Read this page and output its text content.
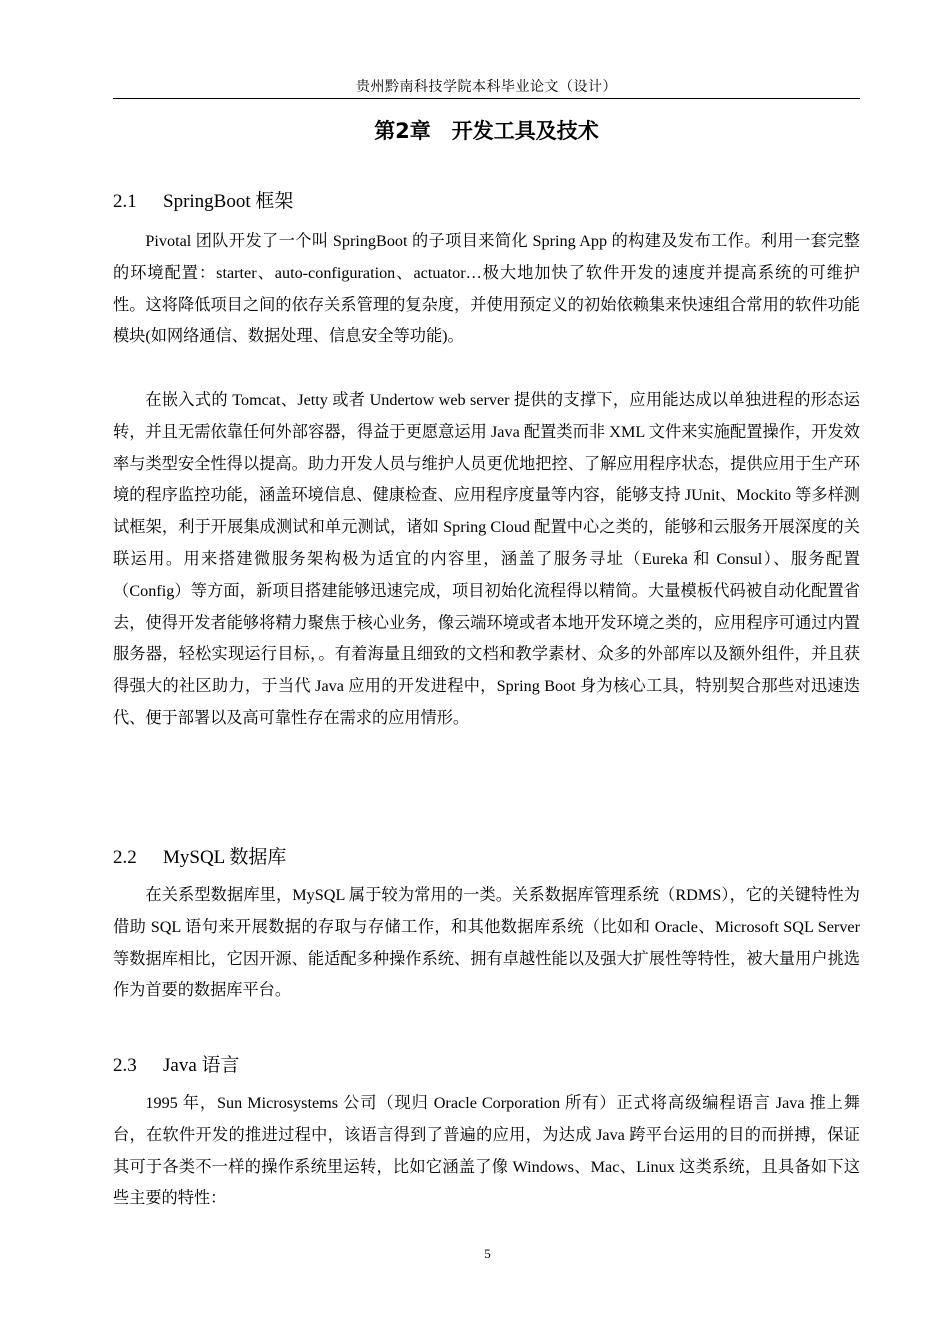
贵州黔南科技学院本科毕业论文（设计）
第2章　开发工具及技术
2.1 SpringBoot 框架

Pivotal 团队开发了一个叫 SpringBoot 的子项目来简化 Spring App 的构建及发布工作。利用一套完整的环境配置：starter、auto-configuration、actuator…极大地加快了软件开发的速度并提高系统的可维护性。这将降低项目之间的依存关系管理的复杂度，并使用预定义的初始依赖集来快速组合常用的软件功能模块(如网络通信、数据处理、信息安全等功能)。

在嵌入式的 Tomcat、Jetty 或者 Undertow web server 提供的支撑下，应用能达成以单独进程的形态运转，并且无需依靠任何外部容器，得益于更愿意运用 Java 配置类而非 XML 文件来实施配置操作，开发效率与类型安全性得以提高。助力开发人员与维护人员更优地把控、了解应用程序状态，提供应用于生产环境的程序监控功能，涵盖环境信息、健康检查、应用程序度量等内容，能够支持 JUnit、Mockito 等多样测试框架，利于开展集成测试和单元测试，诸如 Spring Cloud 配置中心之类的，能够和云服务开展深度的关联运用。用来搭建微服务架构极为适宜的内容里，涵盖了服务寻址（Eureka 和 Consul）、服务配置（Config）等方面，新项目搭建能够迅速完成，项目初始化流程得以精简。大量模板代码被自动化配置省去，使得开发者能够将精力聚焦于核心业务，像云端环境或者本地开发环境之类的，应用程序可通过内置服务器，轻松实现运行目标，。有着海量且细致的文档和教学素材、众多的外部库以及额外组件，并且获得强大的社区助力，于当代 Java 应用的开发进程中，Spring Boot 身为核心工具，特别契合那些对迅速迭代、便于部署以及高可靠性存在需求的应用情形。

2.2 MySQL 数据库

在关系型数据库里，MySQL 属于较为常用的一类。关系数据库管理系统（RDMS），它的关键特性为借助 SQL 语句来开展数据的存取与存储工作，和其他数据库系统（比如和 Oracle、Microsoft SQL Server 等数据库相比，它因开源、能适配多种操作系统、拥有卓越性能以及强大扩展性等特性，被大量用户挑选作为首要的数据库平台。

2.3 Java 语言

1995 年，Sun Microsystems 公司（现归 Oracle Corporation 所有）正式将高级编程语言 Java 推上舞台，在软件开发的推进过程中，该语言得到了普遍的应用，为达成 Java 跨平台运用的目的而拼搏，保证其可于各类不一样的操作系统里运转，比如它涵盖了像 Windows、Mac、Linux 这类系统，且具备如下这些主要的特性：

5
